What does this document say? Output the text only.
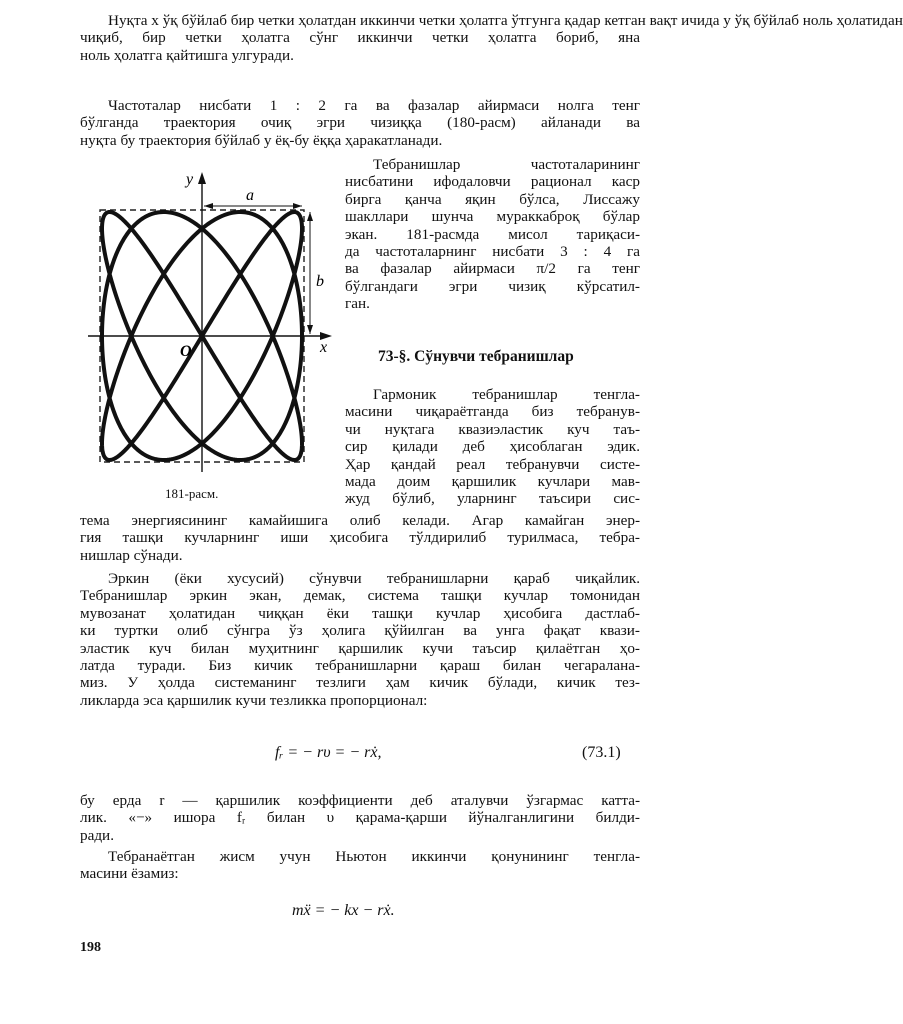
Нуқта x ўқ бўйлаб бир четки ҳолатдан иккинчи четки ҳолатга ўтгунга қадар кетган вақт ичида у ўқ бўйлаб ноль ҳолатидан
чиқиб, бир четки ҳолатга сўнг иккинчи четки ҳолатга бориб, яна
ноль ҳолатга қайтишга улгуради.
Частоталар нисбати 1 : 2 га ва фазалар айирмаси нолга тенг
бўлганда траектория очиқ эгри чизиққа (180-расм) айланади ва
нуқта бу траектория бўйлаб у ёқ-бу ёққа ҳаракатланади.
y
x
O
a
b

181-расм.

Тебранишлар частоталарининг
нисбатини ифодаловчи рационал каср
бирга қанча яқин бўлса, Лиссажу
шакллари шунча мураккаброқ бўлар
экан. 181-расмда мисол тариқаси-
да частоталарнинг нисбати 3 : 4 га
ва фазалар айирмаси π/2 га тенг
бўлгандаги эгри чизиқ кўрсатил-
ган.

73-§. Сўнувчи тебранишлар

Гармоник тебранишлар тенгла-
масини чиқараётганда биз тебранув-
чи нуқтага квазиэластик куч таъ-
сир қилади деб ҳисоблаган эдик.
Ҳар қандай реал тебранувчи систе-
мада доим қаршилик кучлари мав-
жуд бўлиб, уларнинг таъсири сис-
тема энергиясининг камайишига олиб келади. Агар камайган энер-
гия ташқи кучларнинг иши ҳисобига тўлдирилиб турилмаса, тебра-
нишлар сўнади.
Эркин (ёки хусусий) сўнувчи тебранишларни қараб чиқайлик.
Тебранишлар эркин экан, демак, система ташқи кучлар томонидан
мувозанат ҳолатидан чиққан ёки ташқи кучлар ҳисобига дастлаб-
ки туртки олиб сўнгра ўз ҳолига қўйилган ва унга фақат квази-
эластик куч билан муҳитнинг қаршилик кучи таъсир қилаётган ҳо-
латда туради. Биз кичик тебранишларни қараш билан чегаралана-
миз. У ҳолда системанинг тезлиги ҳам кичик бўлади, кичик тез-
ликларда эса қаршилик кучи тезликка пропорционал:

fᵣ = − rυ = − rẋ,	(73.1)

бу ерда r — қаршилик коэффициенти деб аталувчи ўзгармас катта-
лик. «−» ишора fᵣ билан υ қарама-қарши йўналганлигини билди-
ради.
Тебранаётган жисм учун Ньютон иккинчи қонунининг тенгла-
масини ёзамиз:

mẍ = − kx − rẋ.

198
